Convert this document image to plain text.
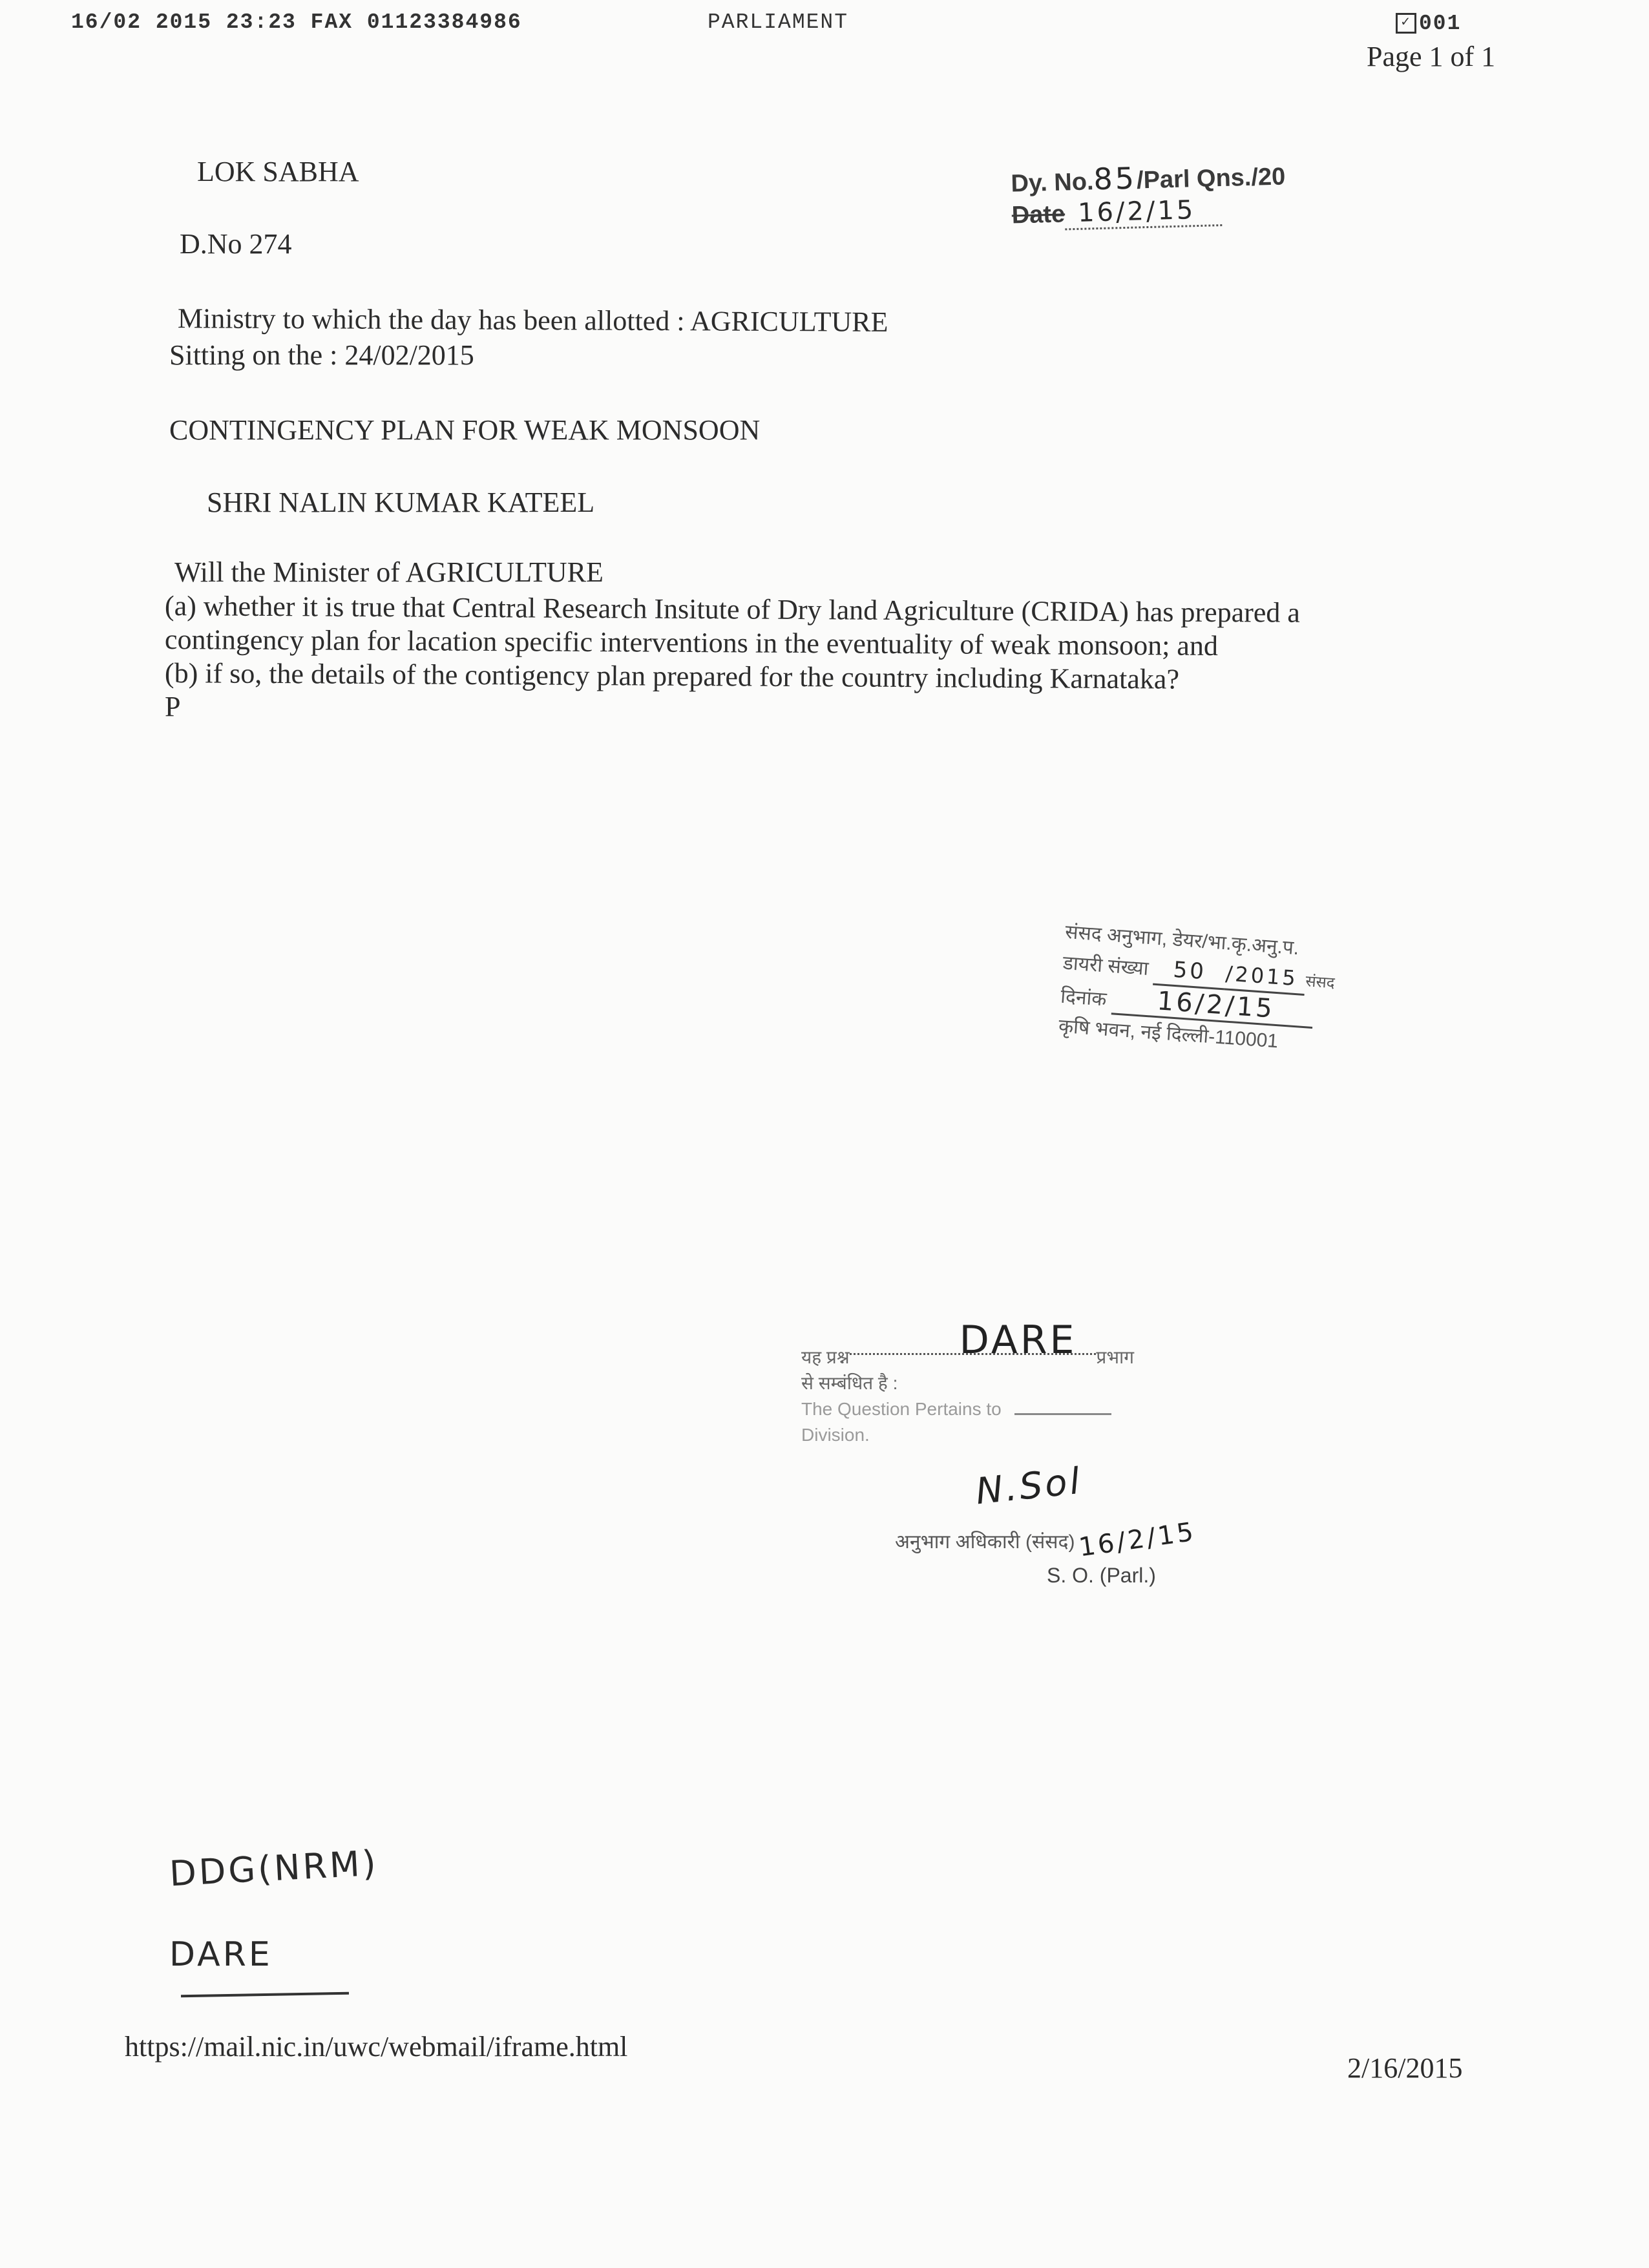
16/02 2015 23:23 FAX 01123384986	PARLIAMENT	✓ 001
Page 1 of 1
Dy. No.85/Parl Qns./20
Date 16/2/15
LOK SABHA
D.No 274
Ministry to which the day has been allotted : AGRICULTURE
Sitting on the : 24/02/2015
CONTINGENCY PLAN FOR WEAK MONSOON
SHRI NALIN KUMAR KATEEL
Will the Minister of AGRICULTURE
(a) whether it is true that Central Research Insitute of Dry land Agriculture (CRIDA) has prepared a
contingency plan for lacation specific interventions in the eventuality of weak monsoon; and
(b) if so, the details of the contigency plan prepared for the country including Karnataka?
P
संसद अनुभाग, डेयर/भा.कृ.अनु.प.
डायरी संख्या 50 /2015 संसद
दिनांक 16/2/15
कृषि भवन, नई दिल्ली-110001
यह प्रश्न	DARE प्रभाग
से सम्बंधित है :
The Question Pertains to
Division.
N.Sol
अनुभाग अधिकारी (संसद)16/2/15
S. O. (Parl.)
DDG(NRM)
DARE
https://mail.nic.in/uwc/webmail/iframe.html
2/16/2015
